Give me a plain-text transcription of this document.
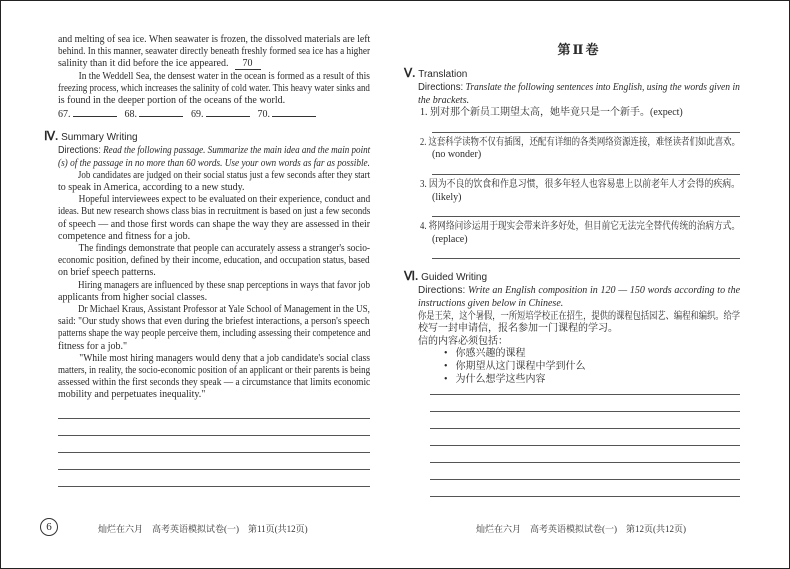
and melting of sea ice. When seawater is frozen, the dissolved materials are left
behind. In this manner, seawater directly beneath freshly formed sea ice has a higher
salinity than it did before the ice appeared. 70
In the Weddell Sea, the densest water in the ocean is formed as a result of this
freezing process, which increases the salinity of cold water. This heavy water sinks and
is found in the deeper portion of the oceans of the world.
67.	68.	69.	70.
Ⅳ. Summary Writing
Directions: Read the following passage. Summarize the main idea and the main point
(s) of the passage in no more than 60 words. Use your own words as far as possible.
Job candidates are judged on their social status just a few seconds after they start
to speak in America, according to a new study.
Hopeful interviewees expect to be evaluated on their experience, conduct and
ideas. But new research shows class bias in recruitment is based on just a few seconds
of speech — and those first words can shape the way they are assessed in their
competence and fitness for a job.
The findings demonstrate that people can accurately assess a stranger's socio-
economic position, defined by their income, education, and occupation status, based
on brief speech patterns.
Hiring managers are influenced by these snap perceptions in ways that favor job
applicants from higher social classes.
Dr Michael Kraus, Assistant Professor at Yale School of Management in the US,
said: "Our study shows that even during the briefest interactions, a person's speech
patterns shape the way people perceive them, including assessing their competence and
fitness for a job."
"While most hiring managers would deny that a job candidate's social class
matters, in reality, the socio-economic position of an applicant or their parents is being
assessed within the first seconds they speak — a circumstance that limits economic
mobility and perpetuates inequality."
6	灿烂在六月　高考英语模拟试卷(一)　第11页(共12页)
第Ⅱ卷
Ⅴ. Translation
Directions: Translate the following sentences into English, using the words given in
the brackets.
1. 别对那个新员工期望太高，她毕竟只是一个新手。(expect)
2. 这套科学读物不仅有插图，还配有详细的各类网络资源连接，难怪读者们如此喜欢。
(no wonder)
3. 因为不良的饮食和作息习惯，很多年轻人也容易患上以前老年人才会得的疾病。
(likely)
4. 将网络问诊运用于现实会带来许多好处，但目前它无法完全替代传统的治病方式。
(replace)
Ⅵ. Guided Writing
Directions: Write an English composition in 120 — 150 words according to the
instructions given below in Chinese.
你是王荣，这个暑假，一所短培学校正在招生，提供的课程包括园艺、编程和编织。给学
校写一封申请信，报名参加一门课程的学习。
信的内容必须包括：
• 你感兴趣的课程
• 你期望从这门课程中学到什么
• 为什么想学这些内容
灿烂在六月　高考英语模拟试卷(一)　第12页(共12页)
